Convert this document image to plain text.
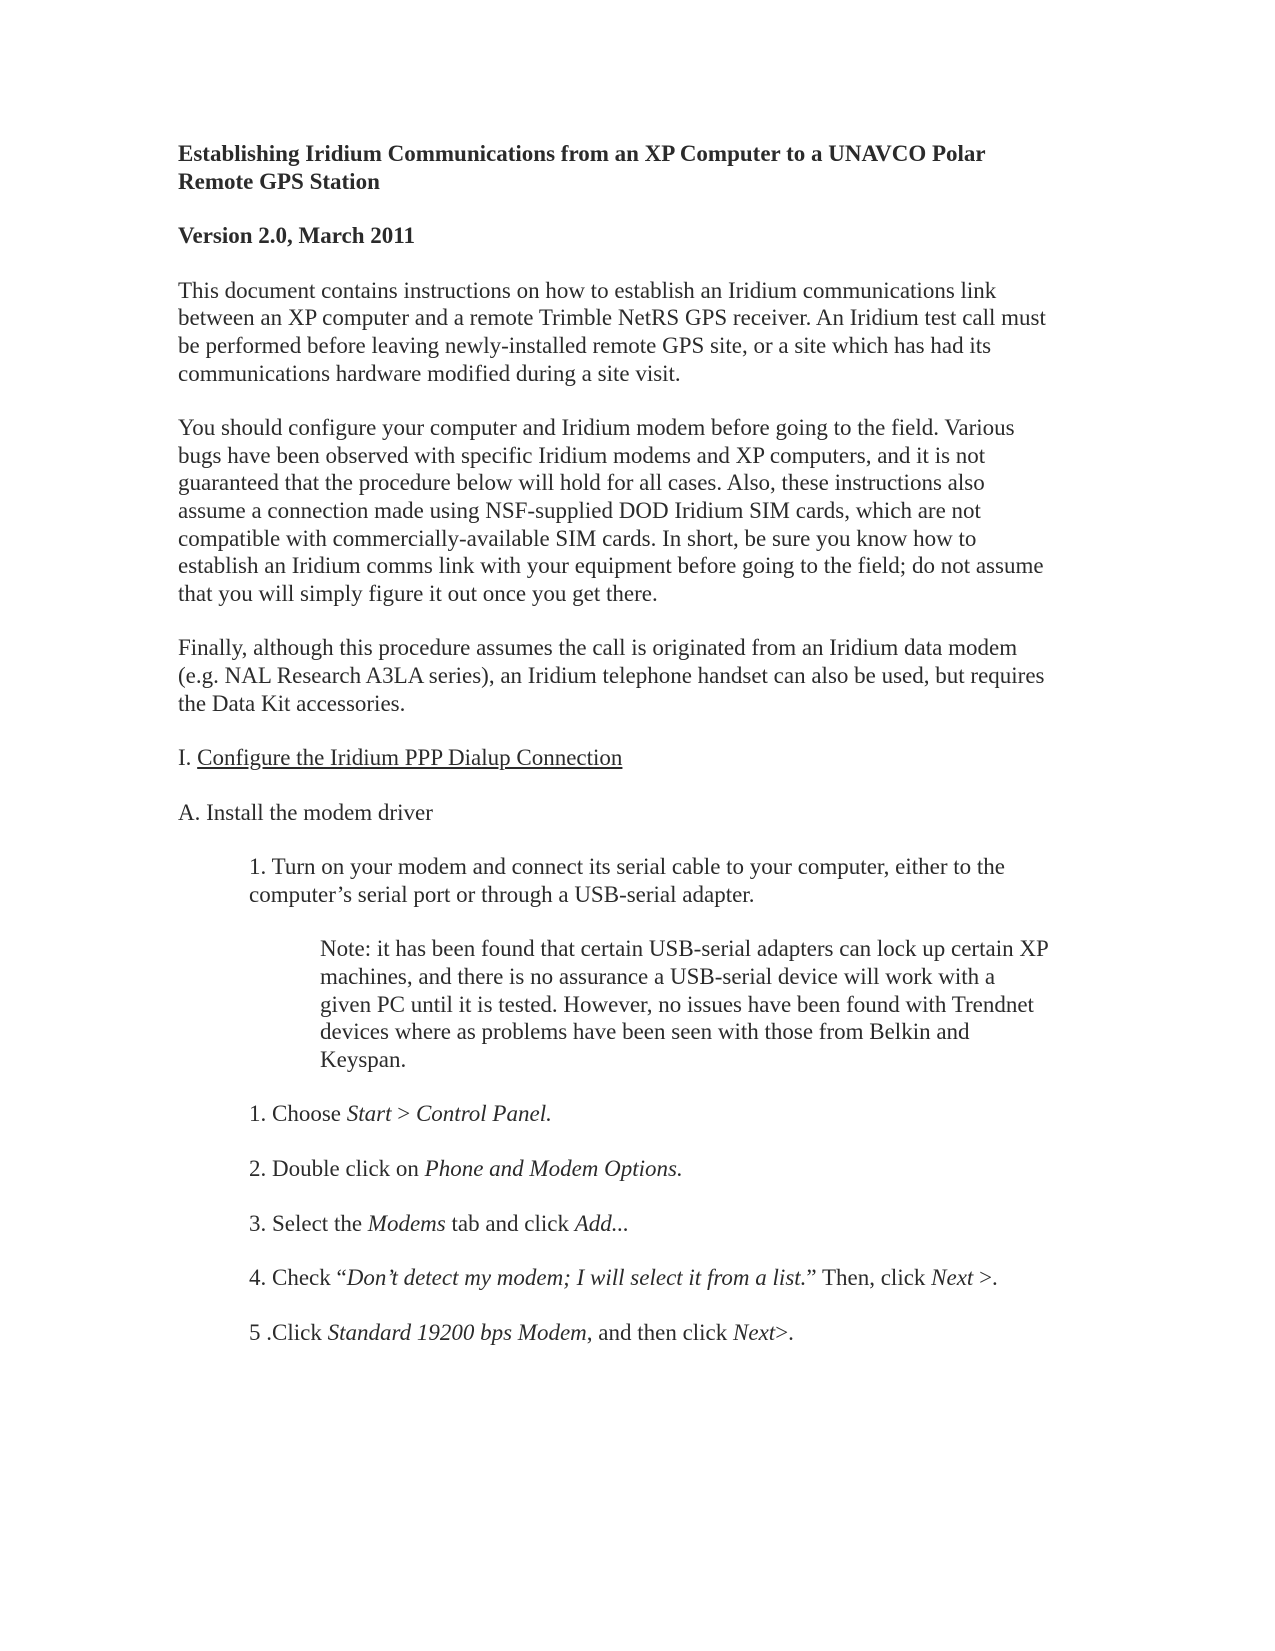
Establishing Iridium Communications from an XP Computer to a UNAVCO Polar Remote GPS Station
Version 2.0, March 2011

This document contains instructions on how to establish an Iridium communications link between an XP computer and a remote Trimble NetRS GPS receiver. An Iridium test call must be performed before leaving newly-installed remote GPS site, or a site which has had its communications hardware modified during a site visit.

You should configure your computer and Iridium modem before going to the field. Various bugs have been observed with specific Iridium modems and XP computers, and it is not guaranteed that the procedure below will hold for all cases. Also, these instructions also assume a connection made using NSF-supplied DOD Iridium SIM cards, which are not compatible with commercially-available SIM cards. In short, be sure you know how to establish an Iridium comms link with your equipment before going to the field; do not assume that you will simply figure it out once you get there.

Finally, although this procedure assumes the call is originated from an Iridium data modem (e.g. NAL Research A3LA series), an Iridium telephone handset can also be used, but requires the Data Kit accessories.

I. Configure the Iridium PPP Dialup Connection

A. Install the modem driver

1. Turn on your modem and connect its serial cable to your computer, either to the computer’s serial port or through a USB-serial adapter.

Note: it has been found that certain USB-serial adapters can lock up certain XP machines, and there is no assurance a USB-serial device will work with a given PC until it is tested. However, no issues have been found with Trendnet devices where as problems have been seen with those from Belkin and Keyspan.

1. Choose Start > Control Panel.

2. Double click on Phone and Modem Options.

3. Select the Modems tab and click Add...

4. Check “Don’t detect my modem; I will select it from a list.” Then, click Next >.

5 .Click Standard 19200 bps Modem, and then click Next>.
